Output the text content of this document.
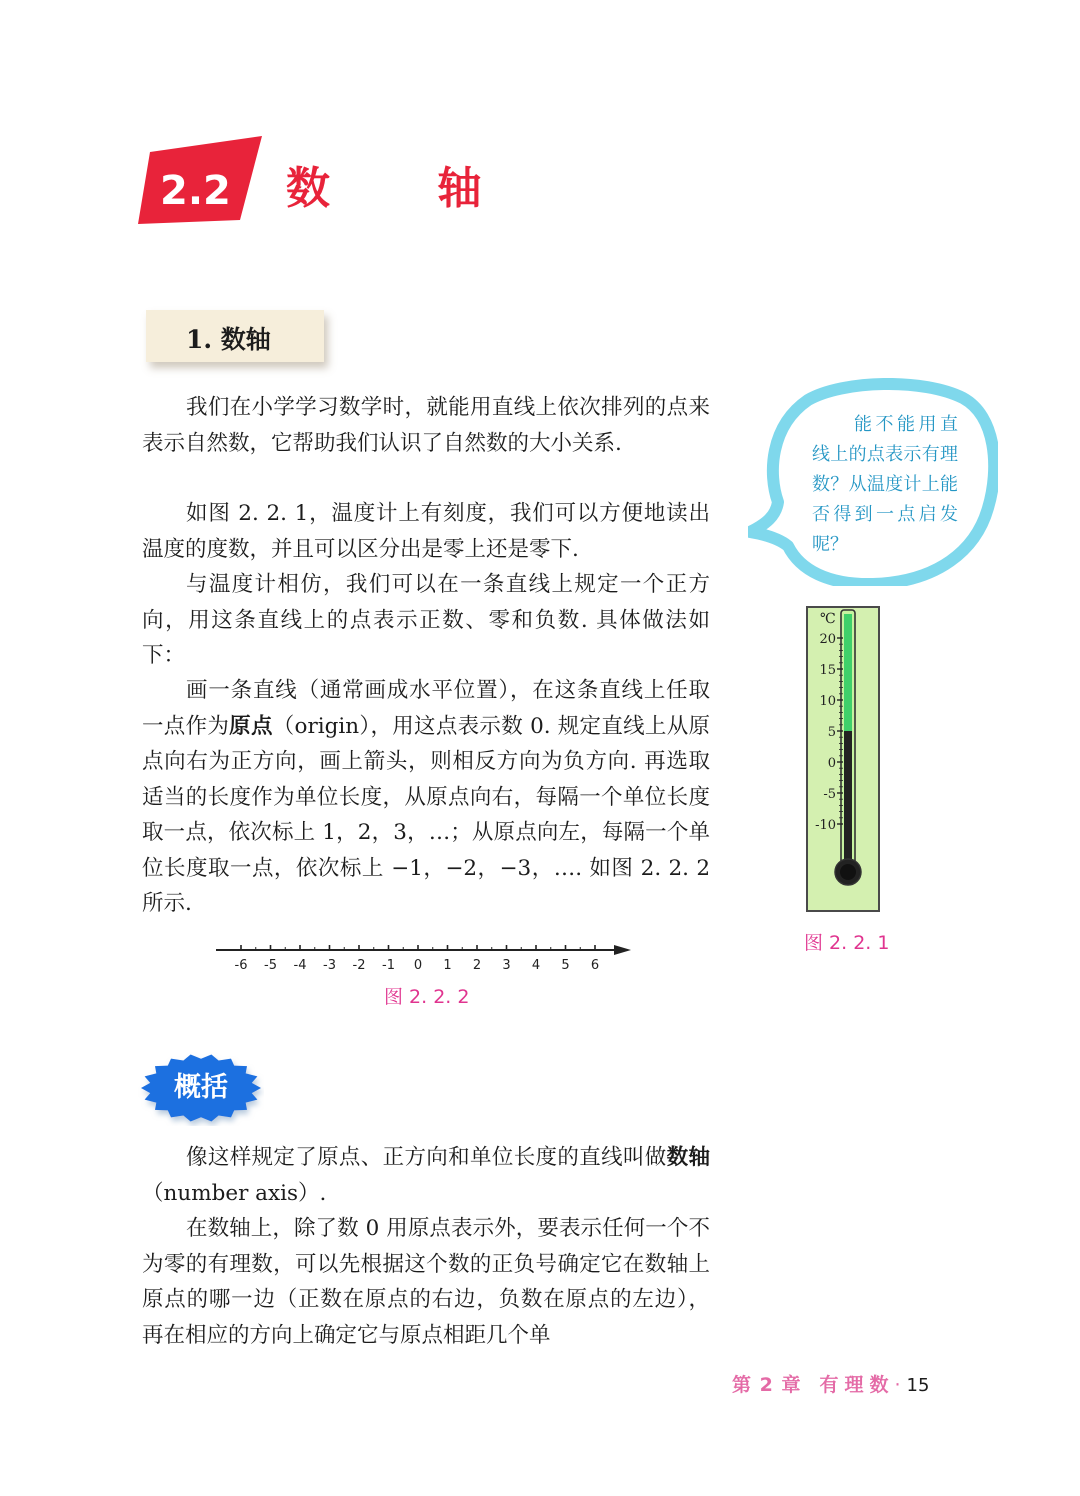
2.2 数 轴
1. 数轴

我们在小学学习数学时，就能用直线上依次排列的点来表示自然数，它帮助我们认识了自然数的大小关系.

如图 2. 2. 1，温度计上有刻度，我们可以方便地读出温度的度数，并且可以区分出是零上还是零下.

与温度计相仿，我们可以在一条直线上规定一个正方向，用这条直线上的点表示正数、零和负数. 具体做法如下：

画一条直线（通常画成水平位置），在这条直线上任取一点作为原点（origin），用这点表示数 0. 规定直线上从原点向右为正方向，画上箭头，则相反方向为负方向. 再选取适当的长度作为单位长度，从原点向右，每隔一个单位长度取一点，依次标上 1，2，3，…；从原点向左，每隔一个单位长度取一点，依次标上 −1，−2，−3，…. 如图 2. 2. 2 所示.

-6 -5 -4 -3 -2 -1 0 1 2 3 4 5 6
图 2. 2. 2
概括

像这样规定了原点、正方向和单位长度的直线叫做数轴（number axis）.

在数轴上，除了数 0 用原点表示外，要表示任何一个不为零的有理数，可以先根据这个数的正负号确定它在数轴上原点的哪一边（正数在原点的右边，负数在原点的左边），再在相应的方向上确定它与原点相距几个单

能不能用直线上的点表示有理数？从温度计上能否得到一点启发呢？
℃
20
15
10
5
0
-5
-10
图 2. 2. 1
第 2 章 有理数· 15
